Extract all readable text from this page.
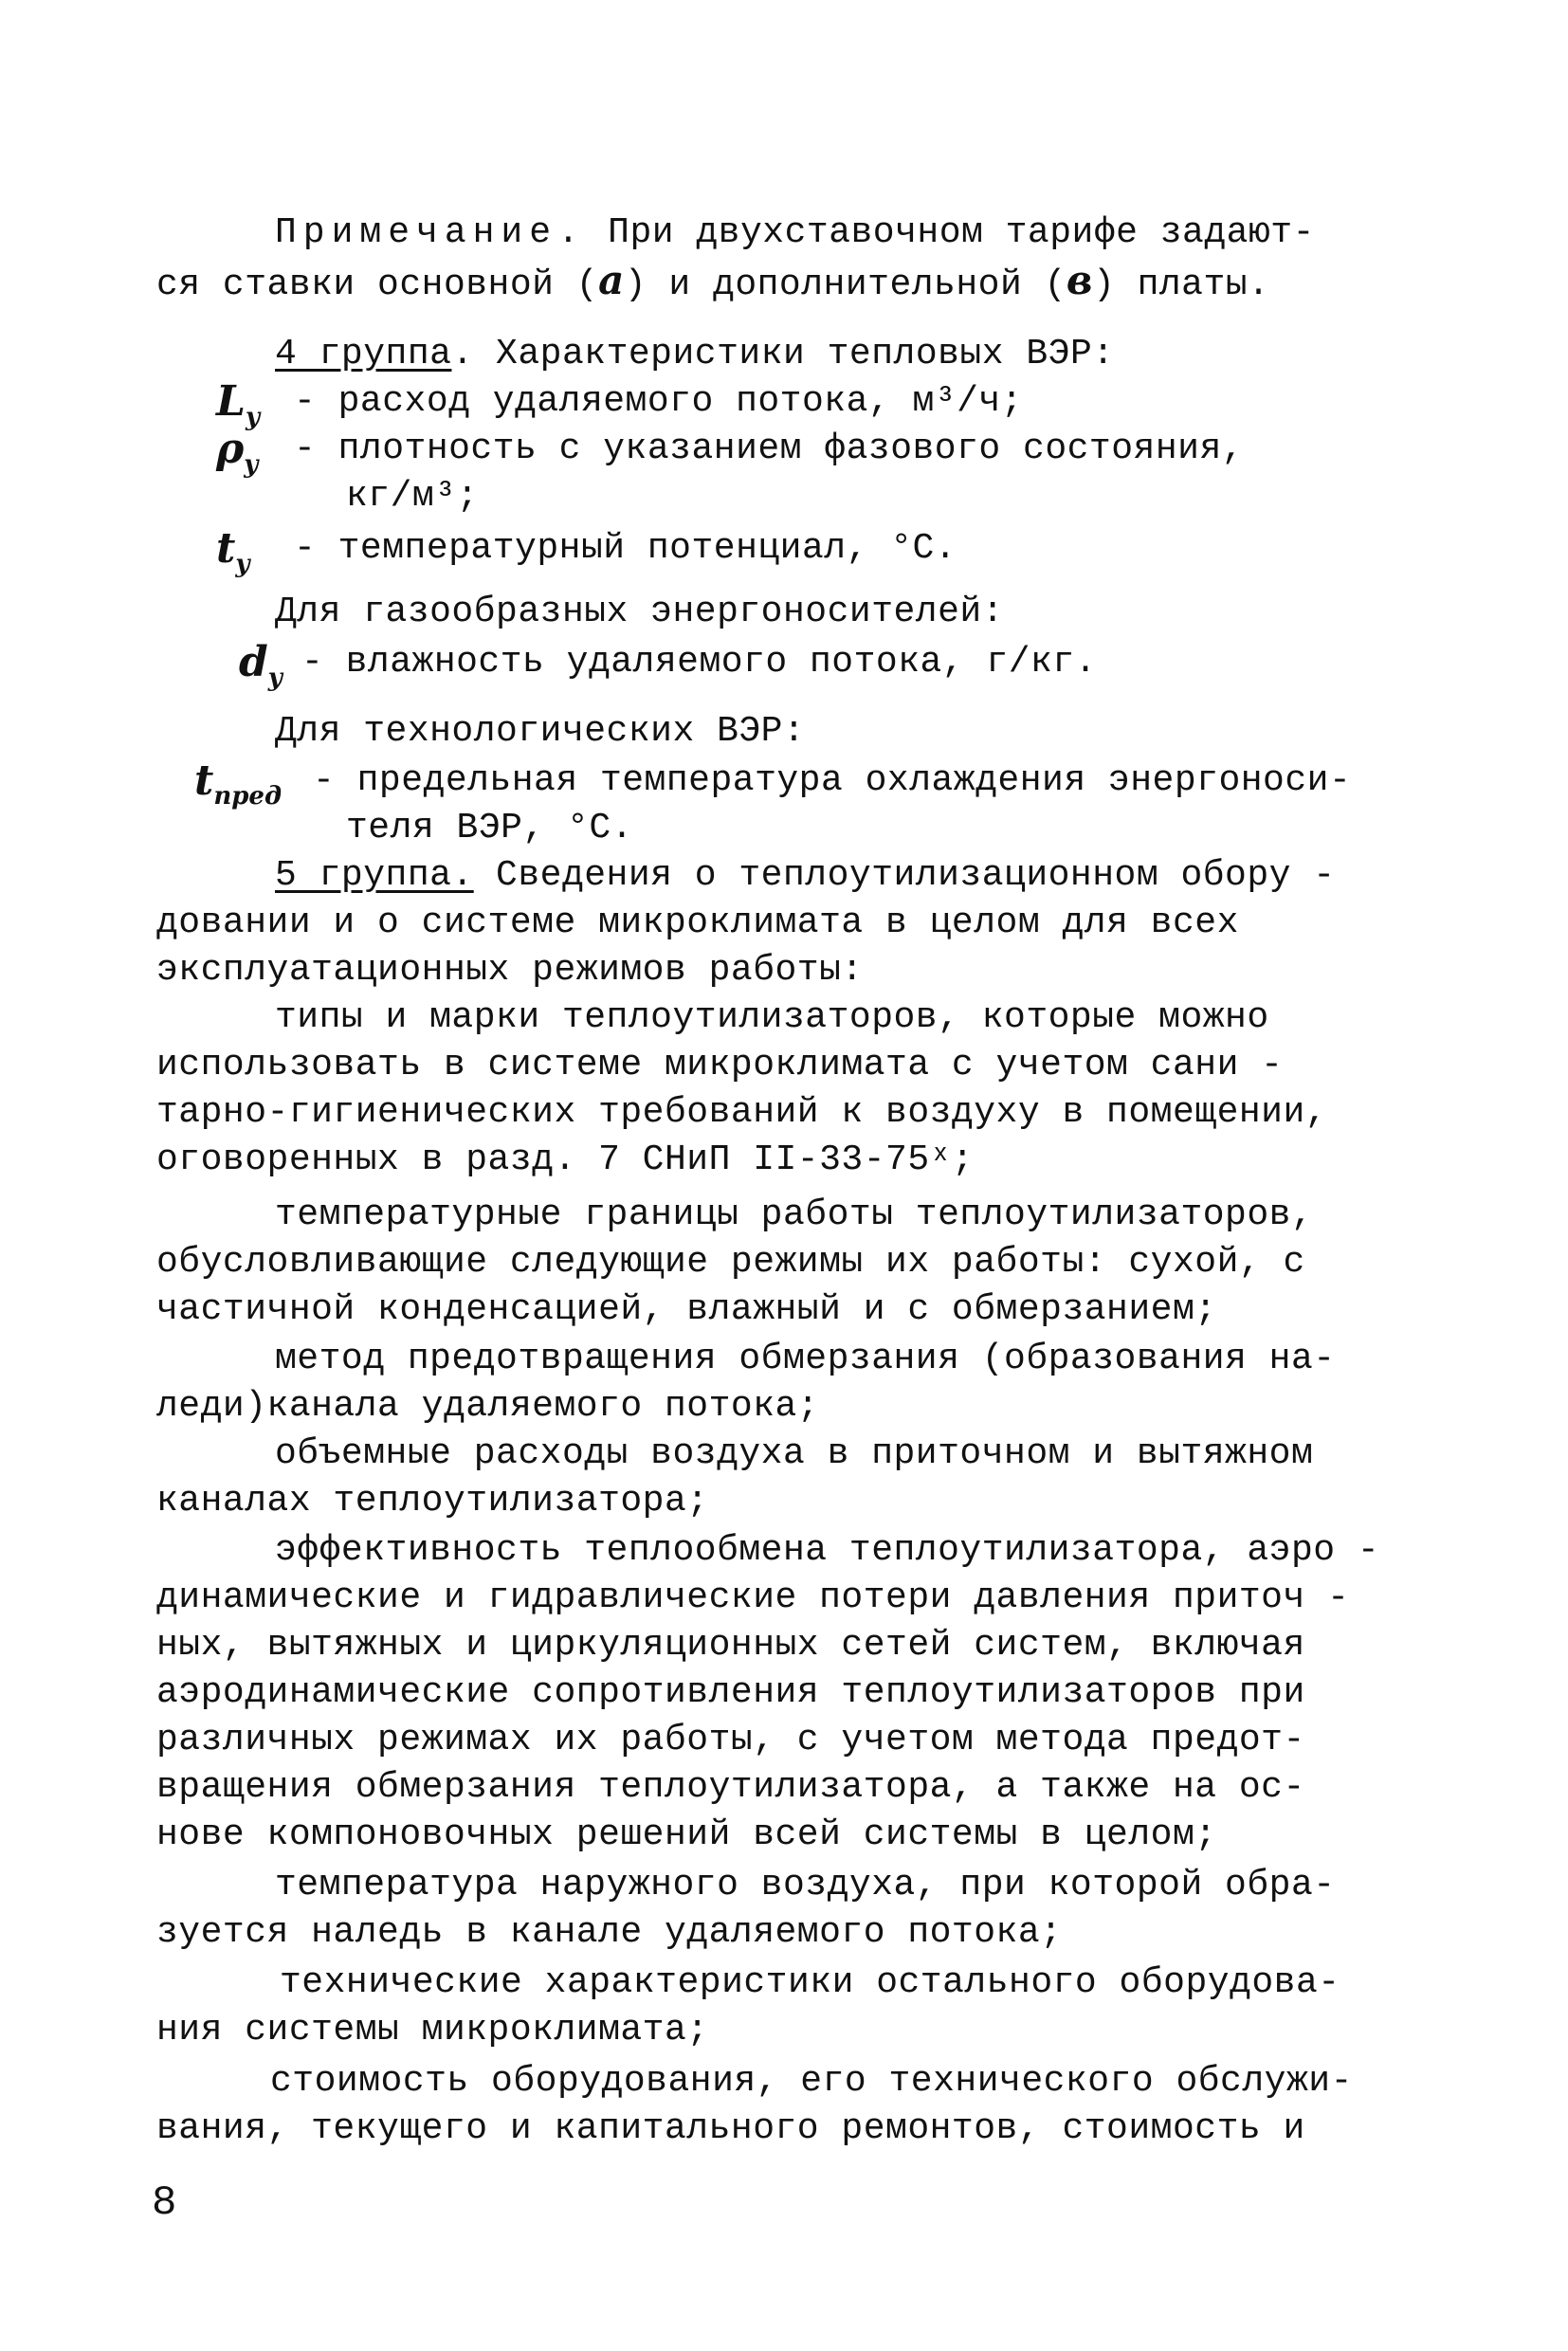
Примечание. При двухставочном тарифе задают-
ся ставки основной (a) и дополнительной (в) платы.
4 группа. Характеристики тепловых ВЭР:
$L_у$ - расход удаляемого потока, м³/ч;
$\rho_у$ - плотность с указанием фазового состояния,
кг/м³;
$t_у$ - температурный потенциал, °С.
Для газообразных энергоносителей:
$d_у$ - влажность удаляемого потока, г/кг.
Для технологических ВЭР:
$t_{пред}$ - предельная температура охлаждения энергоноси-
теля ВЭР, °С.
5 группа. Сведения о теплоутилизационном обору -
довании и о системе микроклимата в целом для всех
эксплуатационных режимов работы:
типы и марки теплоутилизаторов, которые можно
использовать в системе микроклимата с учетом сани -
тарно-гигиенических требований к воздуху в помещении,
оговоренных в разд. 7 СНиП II-33-75ˣ;
температурные границы работы теплоутилизаторов,
обусловливающие следующие режимы их работы: сухой, с
частичной конденсацией, влажный и с обмерзанием;
метод предотвращения обмерзания (образования на-
леди)канала удаляемого потока;
объемные расходы воздуха в приточном и вытяжном
каналах теплоутилизатора;
эффективность теплообмена теплоутилизатора, аэро -
динамические и гидравлические потери давления приточ -
ных, вытяжных и циркуляционных сетей систем, включая
аэродинамические сопротивления теплоутилизаторов при
различных режимах их работы, с учетом метода предот-
вращения обмерзания теплоутилизатора, а также на ос-
нове компоновочных решений всей системы в целом;
температура наружного воздуха, при которой обра-
зуется наледь в канале удаляемого потока;
технические характеристики остального оборудова-
ния системы микроклимата;
стоимость оборудования, его технического обслужи-
вания, текущего и капитального ремонтов, стоимость и
8
